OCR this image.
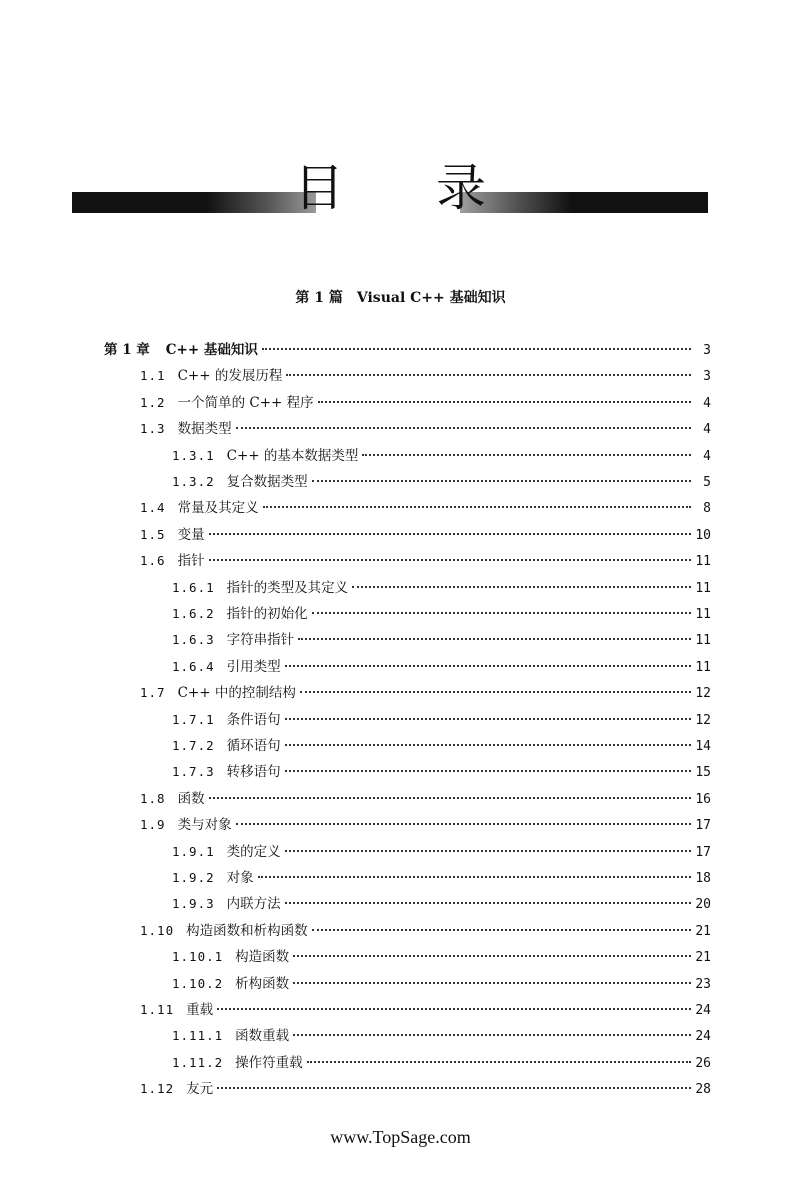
目 录
第 1 篇 Visual C++ 基础知识
第 1 章	C++ 基础知识	3
1.1 C++ 的发展历程	3
1.2 一个简单的 C++ 程序	4
1.3 数据类型	4
1.3.1 C++ 的基本数据类型	4
1.3.2 复合数据类型	5
1.4 常量及其定义	8
1.5 变量	10
1.6 指针	11
1.6.1 指针的类型及其定义	11
1.6.2 指针的初始化	11
1.6.3 字符串指针	11
1.6.4 引用类型	11
1.7 C++ 中的控制结构	12
1.7.1 条件语句	12
1.7.2 循环语句	14
1.7.3 转移语句	15
1.8 函数	16
1.9 类与对象	17
1.9.1 类的定义	17
1.9.2 对象	18
1.9.3 内联方法	20
1.10 构造函数和析构函数	21
1.10.1 构造函数	21
1.10.2 析构函数	23
1.11 重载	24
1.11.1 函数重载	24
1.11.2 操作符重载	26
1.12 友元	28
www.TopSage.com
